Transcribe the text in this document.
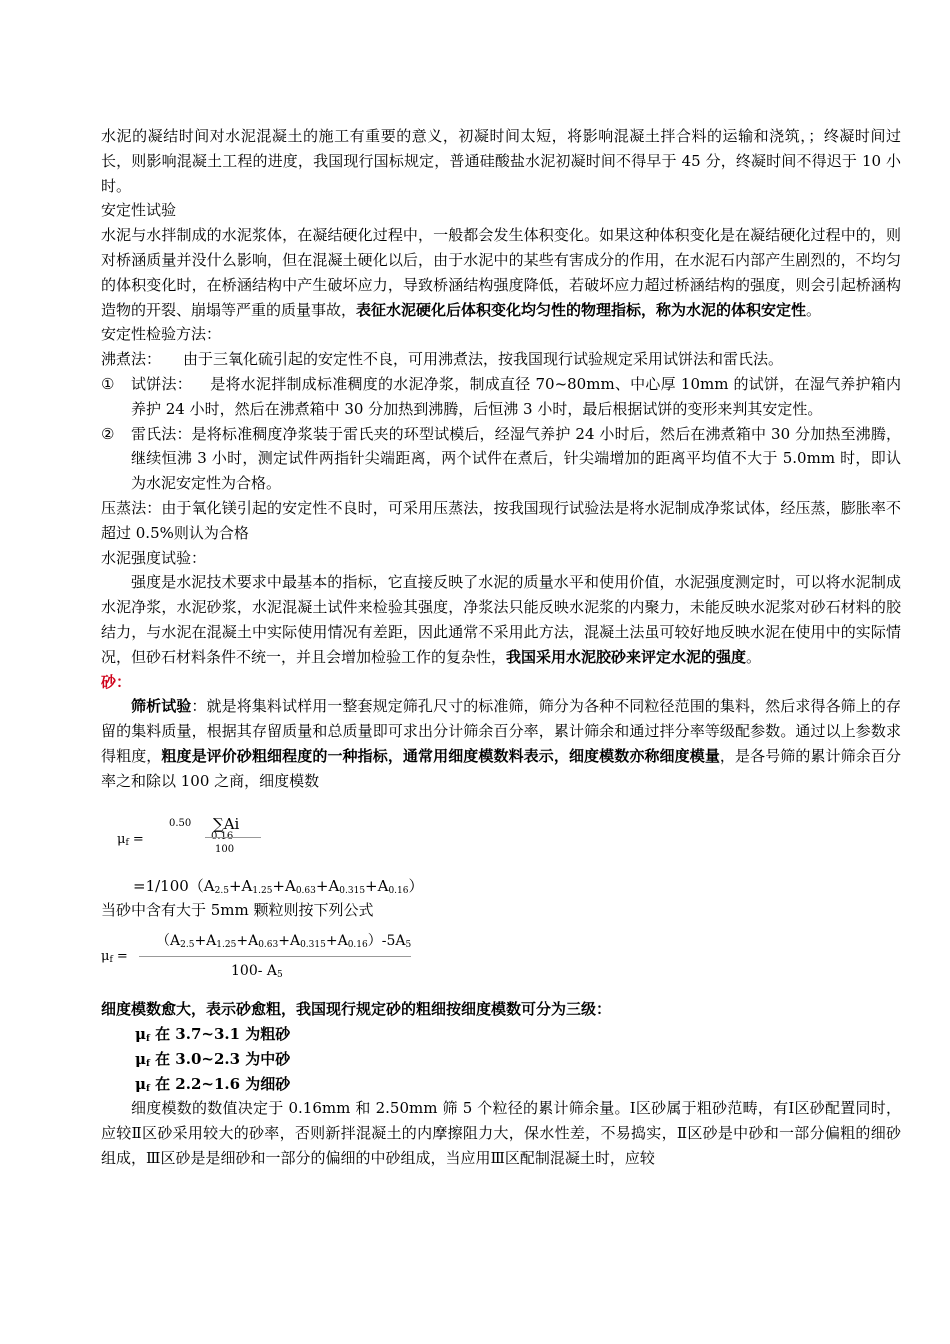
水泥的凝结时间对水泥混凝土的施工有重要的意义，初凝时间太短，将影响混凝土拌合料的运输和浇筑，；终凝时间过长，则影响混凝土工程的进度，我国现行国标规定，普通硅酸盐水泥初凝时间不得早于 45 分，终凝时间不得迟于 10 小时。

安定性试验

水泥与水拌制成的水泥浆体，在凝结硬化过程中，一般都会发生体积变化。如果这种体积变化是在凝结硬化过程中的，则对桥涵质量并没什么影响，但在混凝土硬化以后，由于水泥中的某些有害成分的作用，在水泥石内部产生剧烈的，不均匀的体积变化时，在桥涵结构中产生破坏应力，导致桥涵结构强度降低，若破坏应力超过桥涵结构的强度，则会引起桥涵构造物的开裂、崩塌等严重的质量事故，表征水泥硬化后体积变化均匀性的物理指标，称为水泥的体积安定性。

安定性检验方法：

沸煮法： 由于三氧化硫引起的安定性不良，可用沸煮法，按我国现行试验规定采用试饼法和雷氏法。

① 试饼法： 是将水泥拌制成标准稠度的水泥净浆，制成直径 70~80mm、中心厚 10mm 的试饼，在湿气养护箱内养护 24 小时，然后在沸煮箱中 30 分加热到沸腾，后恒沸 3 小时，最后根据试饼的变形来判其安定性。

② 雷氏法：是将标准稠度净浆装于雷氏夹的环型试模后，经湿气养护 24 小时后，然后在沸煮箱中 30 分加热至沸腾，继续恒沸 3 小时，测定试件两指针尖端距离，两个试件在煮后，针尖端增加的距离平均值不大于 5.0mm 时，即认为水泥安定性为合格。

压蒸法：由于氧化镁引起的安定性不良时，可采用压蒸法，按我国现行试验法是将水泥制成净浆试体，经压蒸，膨胀率不超过 0.5%则认为合格

水泥强度试验：

强度是水泥技术要求中最基本的指标，它直接反映了水泥的质量水平和使用价值，水泥强度测定时，可以将水泥制成水泥净浆，水泥砂浆，水泥混凝土试件来检验其强度，净浆法只能反映水泥浆的内聚力，未能反映水泥浆对砂石材料的胶结力，与水泥在混凝土中实际使用情况有差距，因此通常不采用此方法，混凝土法虽可较好地反映水泥在使用中的实际情况，但砂石材料条件不统一，并且会增加检验工作的复杂性，我国采用水泥胶砂来评定水泥的强度。

砂：

筛析试验：就是将集料试样用一整套规定筛孔尺寸的标准筛，筛分为各种不同粒径范围的集料，然后求得各筛上的存留的集料质量，根据其存留质量和总质量即可求出分计筛余百分率，累计筛余和通过拌分率等级配参数。通过以上参数求得粗度，粗度是评价砂粗细程度的一种指标，通常用细度模数料表示，细度模数亦称细度模量，是各号筛的累计筛余百分率之和除以 100 之商，细度模数

$\mu_f$ =
0.50 ∑Ai
0.16
100

$=1/100(A_{2.5}+A_{1.25}+A_{0.63}+A_{0.315}+A_{0.16})$

当砂中含有大于 5mm 颗粒则按下列公式

$\mu_f$ =
$(A_{2.5}+A_{1.25}+A_{0.63}+A_{0.315}+A_{0.16})-5A_5$
100- $A_5$

细度模数愈大，表示砂愈粗，我国现行规定砂的粗细按细度模数可分为三级：

$\mu_f$ 在 3.7~3.1 为粗砂

$\mu_f$ 在 3.0~2.3 为中砂

$\mu_f$ 在 2.2~1.6 为细砂

细度模数的数值决定于 0.16mm 和 2.50mm 筛 5 个粒径的累计筛余量。Ⅰ区砂属于粗砂范畴，有Ⅰ区砂配置同时，应较Ⅱ区砂采用较大的砂率，否则新拌混凝土的内摩擦阻力大，保水性差，不易捣实，Ⅱ区砂是中砂和一部分偏粗的细砂组成，Ⅲ区砂是是细砂和一部分的偏细的中砂组成，当应用Ⅲ区配制混凝土时，应较
